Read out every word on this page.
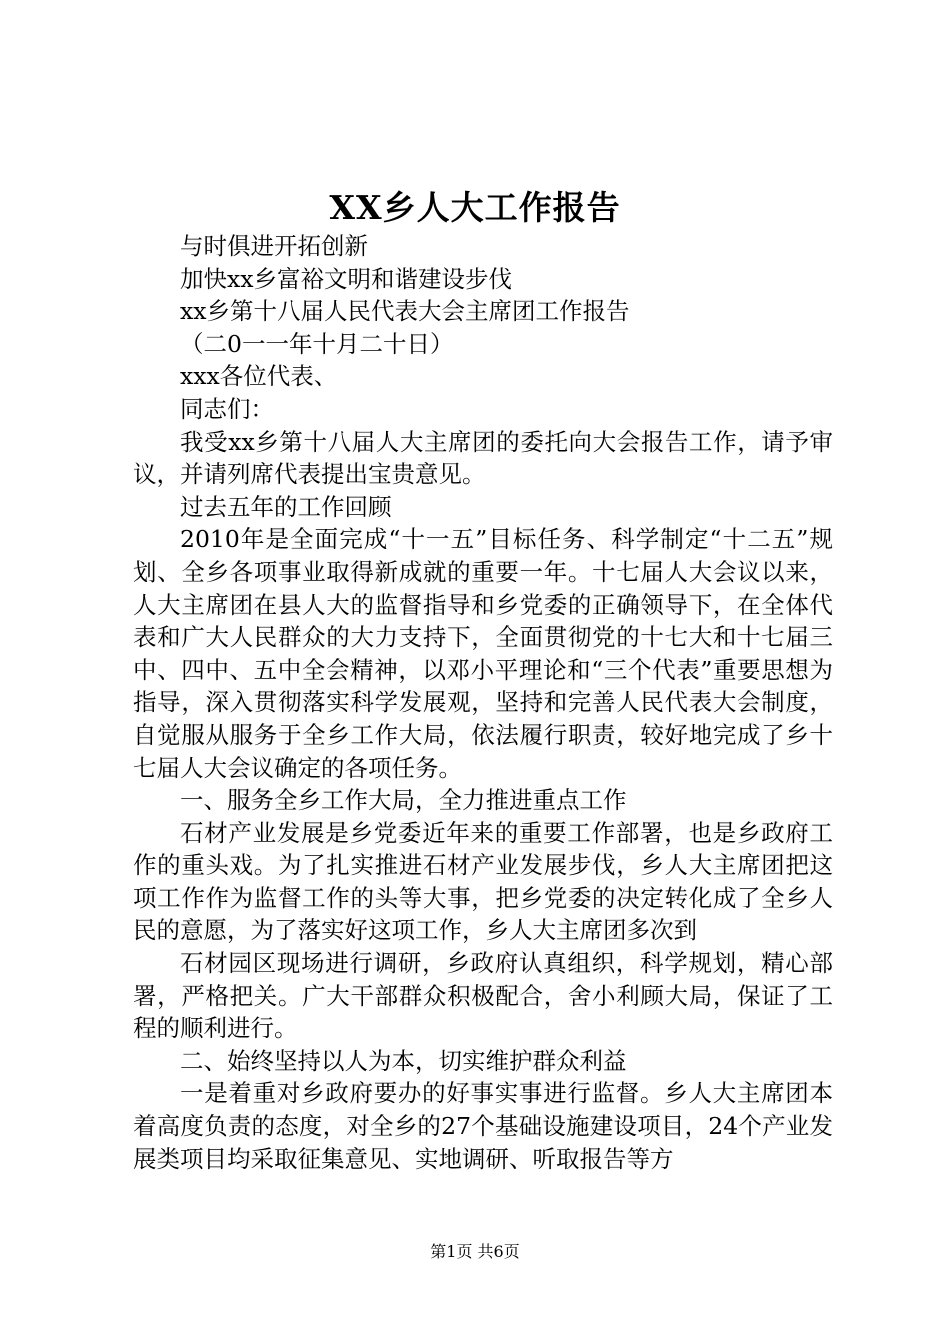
XX乡人大工作报告

与时俱进开拓创新

加快xx乡富裕文明和谐建设步伐

xx乡第十八届人民代表大会主席团工作报告

（二0一一年十月二十日）

xxx各位代表、

同志们：

我受xx乡第十八届人大主席团的委托向大会报告工作，请予审议，并请列席代表提出宝贵意见。

过去五年的工作回顾

2010年是全面完成“十一五”目标任务、科学制定“十二五”规划、全乡各项事业取得新成就的重要一年。十七届人大会议以来，人大主席团在县人大的监督指导和乡党委的正确领导下，在全体代表和广大人民群众的大力支持下，全面贯彻党的十七大和十七届三中、四中、五中全会精神，以邓小平理论和“三个代表”重要思想为指导，深入贯彻落实科学发展观，坚持和完善人民代表大会制度，自觉服从服务于全乡工作大局，依法履行职责，较好地完成了乡十七届人大会议确定的各项任务。

一、服务全乡工作大局，全力推进重点工作

石材产业发展是乡党委近年来的重要工作部署，也是乡政府工作的重头戏。为了扎实推进石材产业发展步伐，乡人大主席团把这项工作作为监督工作的头等大事，把乡党委的决定转化成了全乡人民的意愿，为了落实好这项工作，乡人大主席团多次到

石材园区现场进行调研，乡政府认真组织，科学规划，精心部署，严格把关。广大干部群众积极配合，舍小利顾大局，保证了工程的顺利进行。

二、始终坚持以人为本，切实维护群众利益

一是着重对乡政府要办的好事实事进行监督。乡人大主席团本着高度负责的态度，对全乡的27个基础设施建设项目，24个产业发展类项目均采取征集意见、实地调研、听取报告等方

第1页 共6页
